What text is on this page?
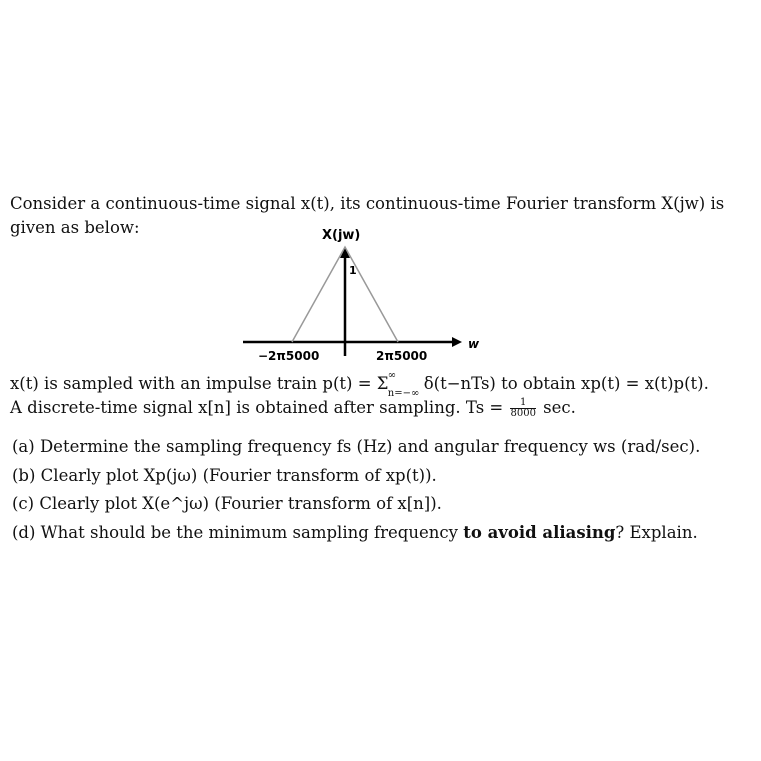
Consider a continuous-time signal x(t), its continuous-time Fourier transform X(jw) is
given as below:	X(jw)
1
w
−2π5000	2π5000
x(t) is sampled with an impulse train p(t) = Σ ∞
n=−∞
δ(t−nTs) to obtain xp(t) = x(t)p(t).
A discrete-time signal x[n] is obtained after sampling. $Ts = \frac{1}{8000} \sec$.
(a) Determine the sampling frequency fs (Hz) and angular frequency ws (rad/sec).
(b) Clearly plot Xp(jω) (Fourier transform of xp(t)).
(c) Clearly plot X(e^jω) (Fourier transform of x[n]).
(d) What should be the minimum sampling frequency to avoid aliasing? Explain.
